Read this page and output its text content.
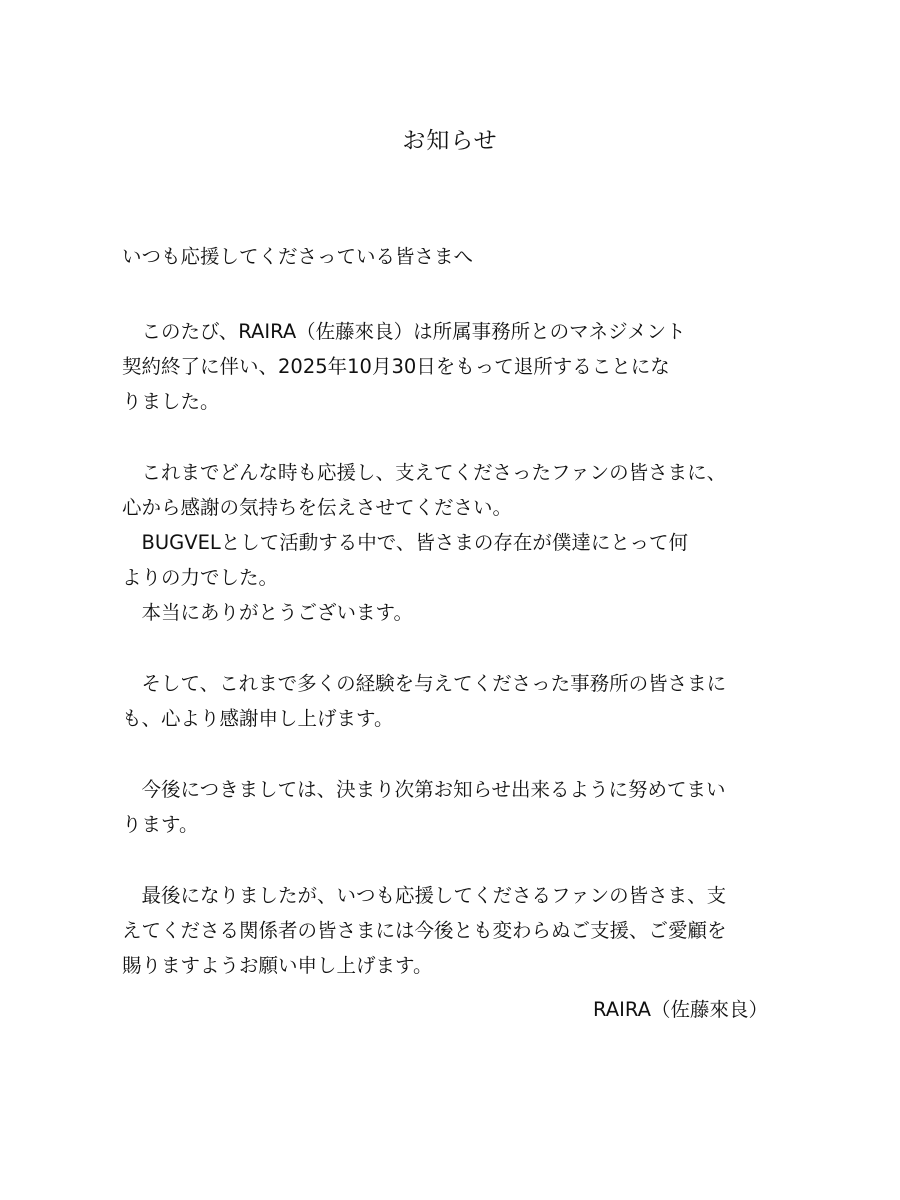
お知らせ
いつも応援してくださっている皆さまへ
　このたび、RAIRA（佐藤來良）は所属事務所とのマネジメント
契約終了に伴い、2025年10月30日をもって退所することにな
りました。
　これまでどんな時も応援し、支えてくださったファンの皆さまに、
心から感謝の気持ちを伝えさせてください。
　BUGVELとして活動する中で、皆さまの存在が僕達にとって何
よりの力でした。
　本当にありがとうございます。
　そして、これまで多くの経験を与えてくださった事務所の皆さまに
も、心より感謝申し上げます。
　今後につきましては、決まり次第お知らせ出来るように努めてまい
ります。
　最後になりましたが、いつも応援してくださるファンの皆さま、支
えてくださる関係者の皆さまには今後とも変わらぬご支援、ご愛顧を
賜りますようお願い申し上げます。
RAIRA（佐藤來良）
